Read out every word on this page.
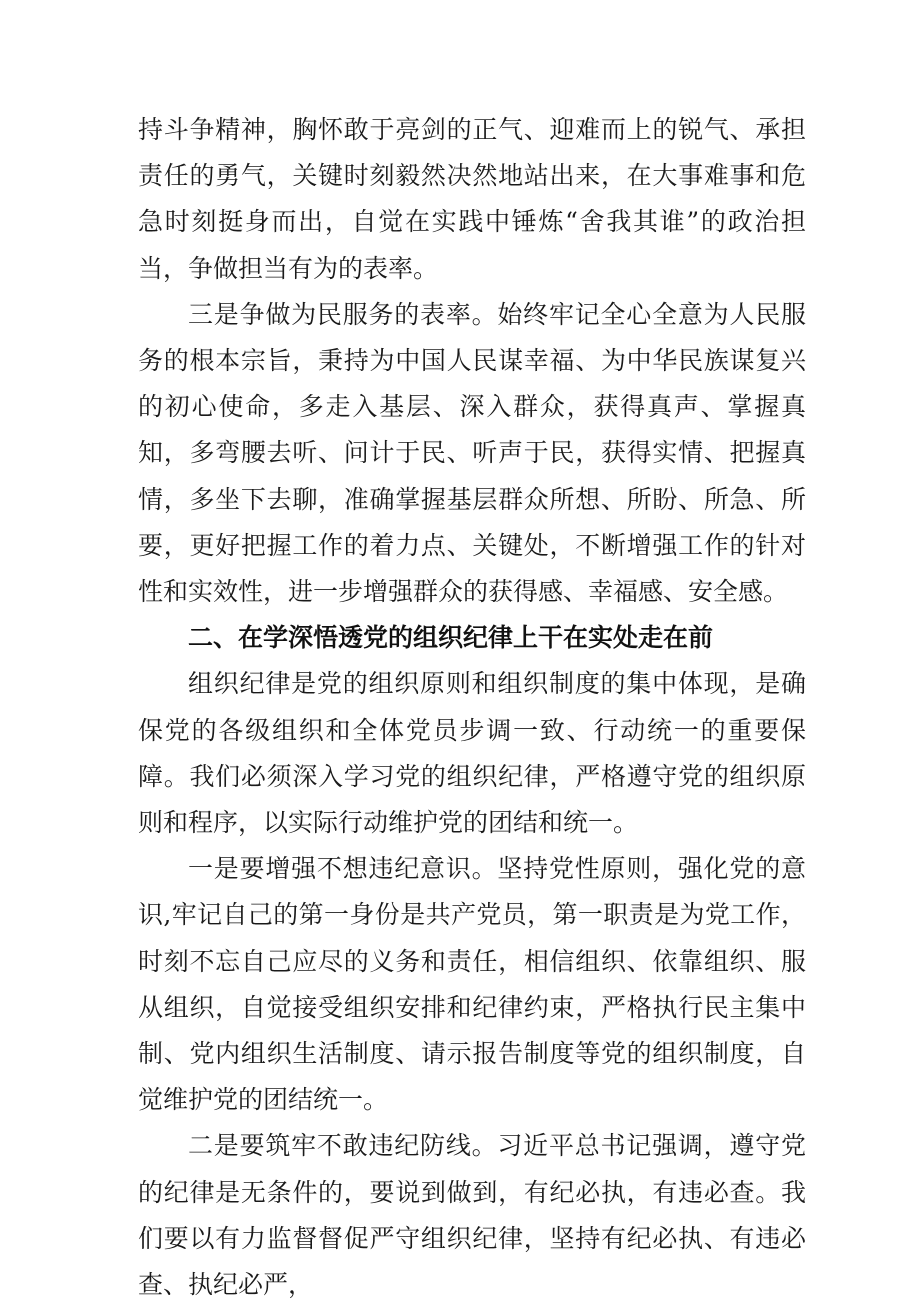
持斗争精神，胸怀敢于亮剑的正气、迎难而上的锐气、承担责任的勇气，关键时刻毅然决然地站出来，在大事难事和危急时刻挺身而出，自觉在实践中锤炼“舍我其谁”的政治担当，争做担当有为的表率。

三是争做为民服务的表率。始终牢记全心全意为人民服务的根本宗旨，秉持为中国人民谋幸福、为中华民族谋复兴的初心使命，多走入基层、深入群众，获得真声、掌握真知，多弯腰去听、问计于民、听声于民，获得实情、把握真情，多坐下去聊，准确掌握基层群众所想、所盼、所急、所要，更好把握工作的着力点、关键处，不断增强工作的针对性和实效性，进一步增强群众的获得感、幸福感、安全感。

二、在学深悟透党的组织纪律上干在实处走在前

组织纪律是党的组织原则和组织制度的集中体现，是确保党的各级组织和全体党员步调一致、行动统一的重要保障。我们必须深入学习党的组织纪律，严格遵守党的组织原则和程序，以实际行动维护党的团结和统一。

一是要增强不想违纪意识。坚持党性原则，强化党的意识,牢记自己的第一身份是共产党员，第一职责是为党工作，时刻不忘自己应尽的义务和责任，相信组织、依靠组织、服从组织，自觉接受组织安排和纪律约束，严格执行民主集中制、党内组织生活制度、请示报告制度等党的组织制度，自觉维护党的团结统一。

二是要筑牢不敢违纪防线。习近平总书记强调，遵守党的纪律是无条件的，要说到做到，有纪必执，有违必查。我们要以有力监督督促严守组织纪律，坚持有纪必执、有违必查、执纪必严，
